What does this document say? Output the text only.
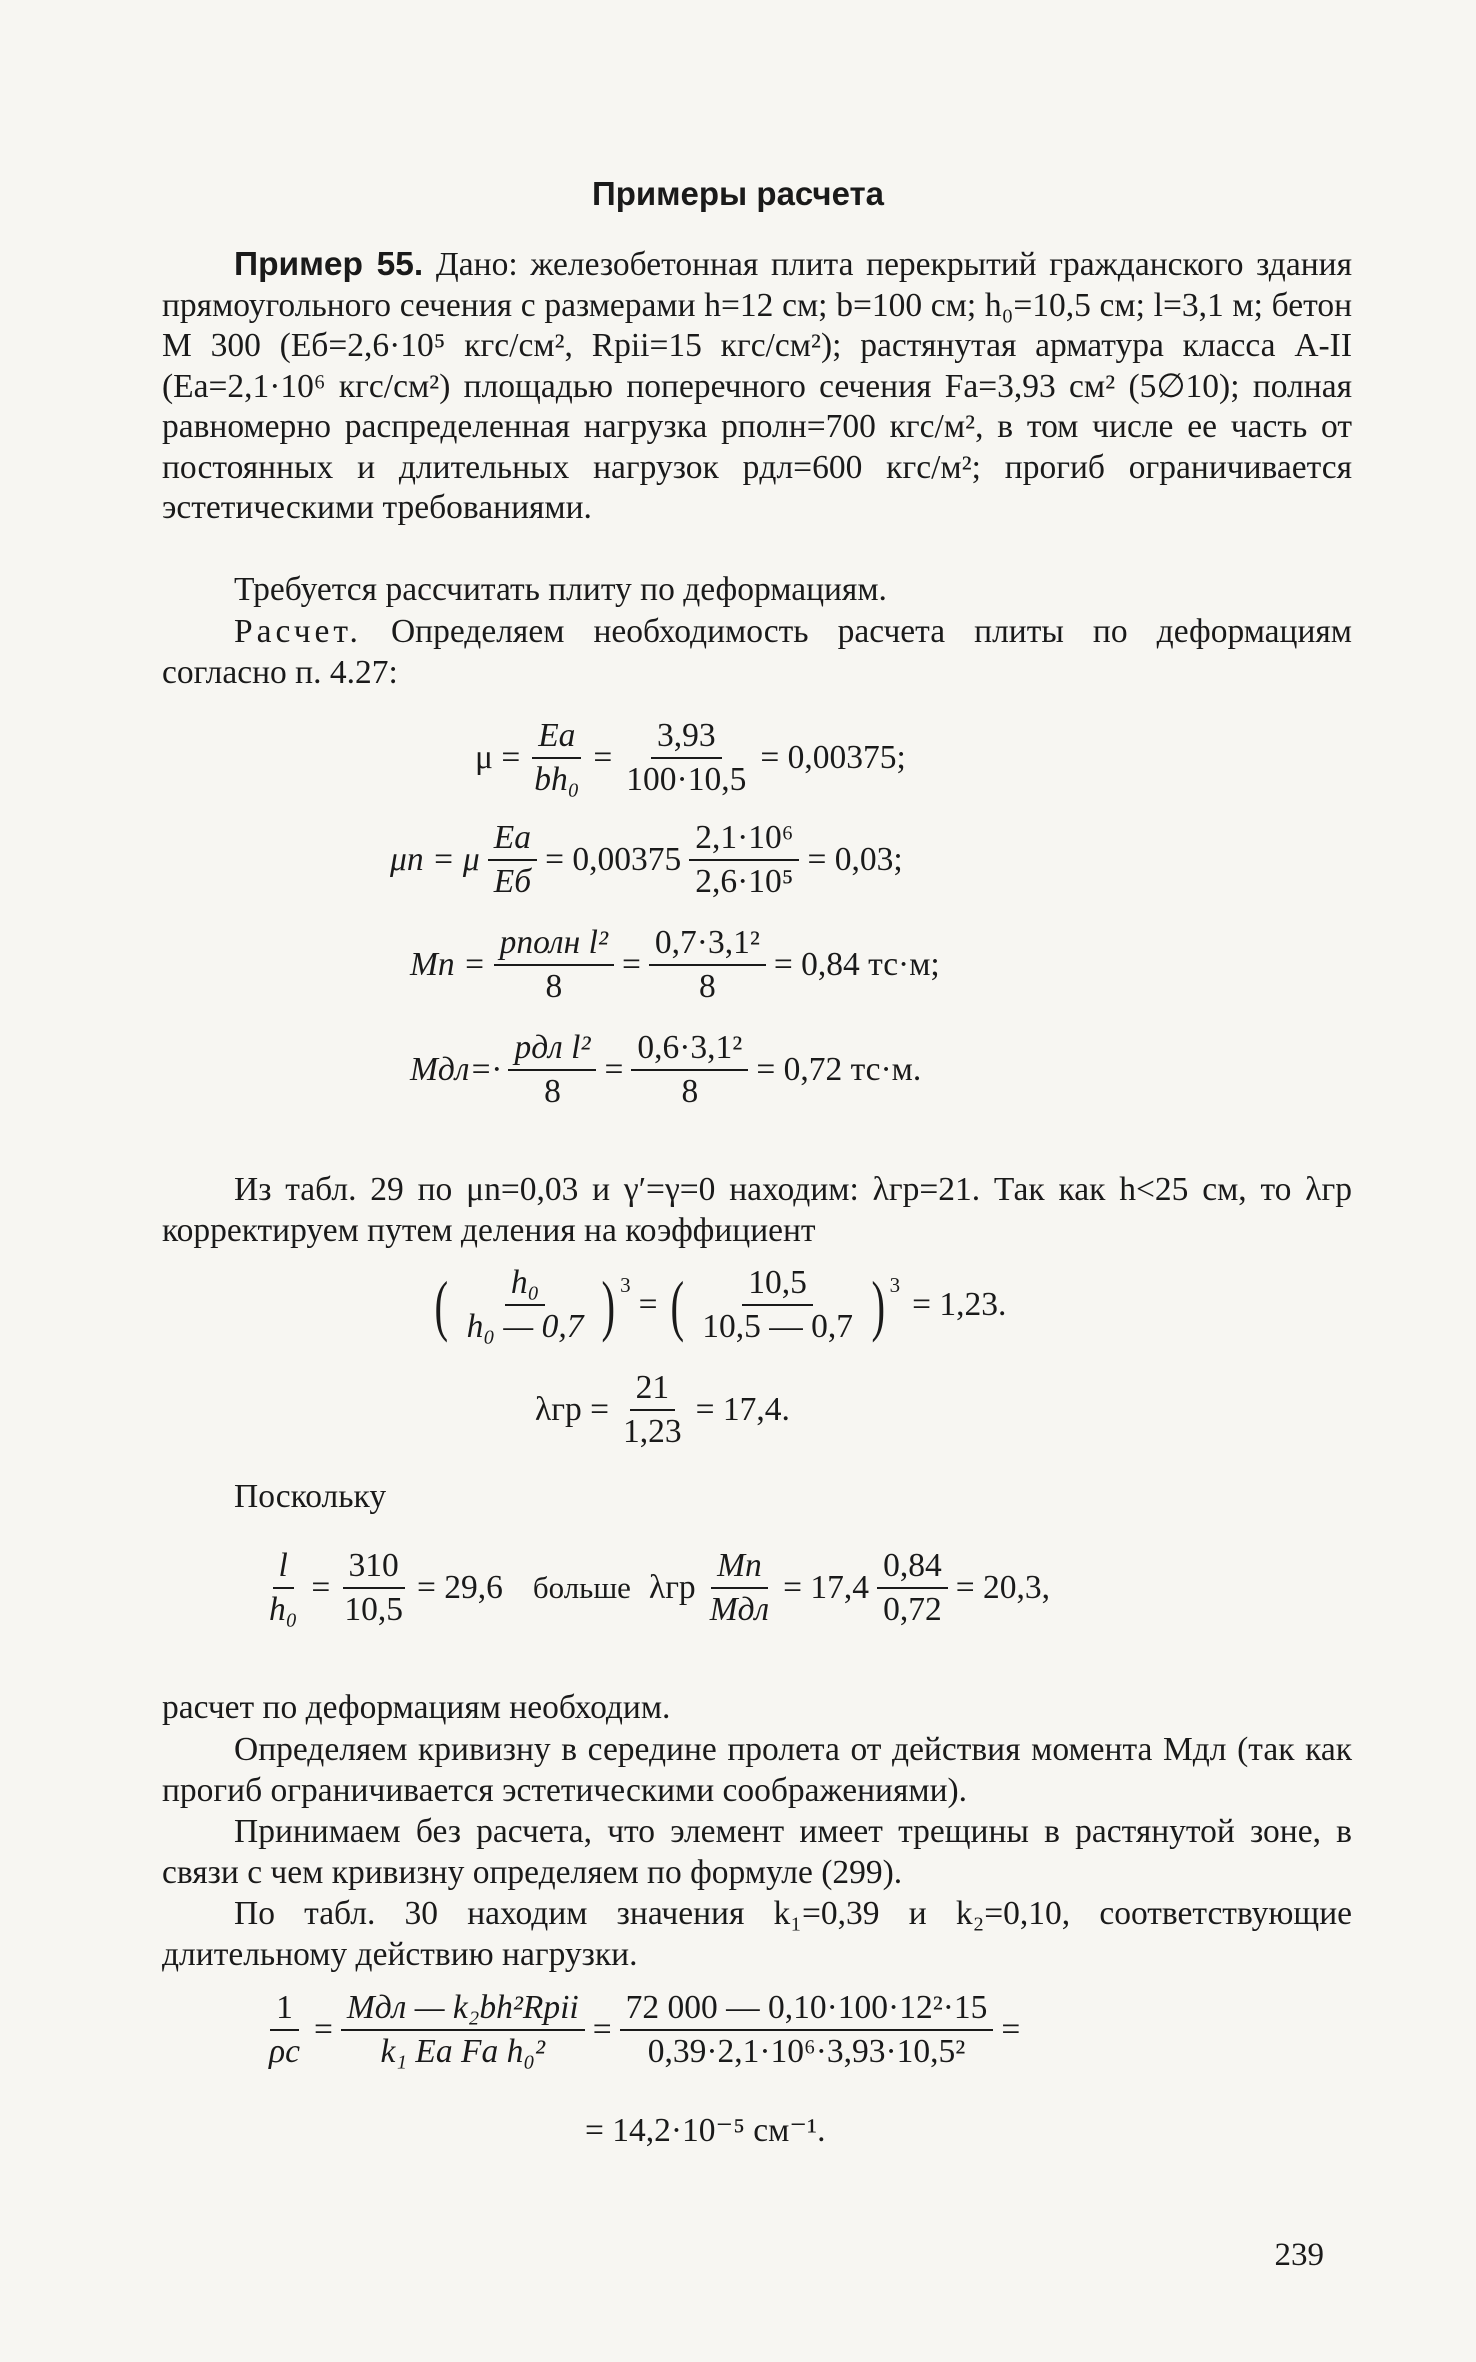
Примеры расчета
Пример 55. Дано: железобетонная плита перекрытий гражданского здания прямоугольного сечения с размерами h=12 см; b=100 см; h₀=10,5 см; l=3,1 м; бетон М 300 (Eб=2,6·10⁵ кгс/см², Rpii=15 кгс/см²); растянутая арматура класса А-II (Ea=2,1·10⁶ кгс/см²) площадью поперечного сечения Fa=3,93 см² (5∅10); полная равномерно распределенная нагрузка pполн=700 кгс/м², в том числе ее часть от постоянных и длительных нагрузок pдл=600 кгс/м²; прогиб ограничивается эстетическими требованиями.
Требуется рассчитать плиту по деформациям.
Расчет. Определяем необходимость расчета плиты по деформациям согласно п. 4.27:
$\mu = \frac{Ea}{\text{bh₀}} = \frac{3,93}{100\cdot 10,5} = 0,00375$;
μn = μ $\frac{Ea}{Eб} = 0,00375 \frac{\text{2,1·10⁶}}{\text{2,6·10⁵}} = 0,03$;
Mп = $\frac{\text{pполн l²}}{8} = \frac{\text{0,7·3,1²}}{8} = 0,84$ тс·м;
$Mдл=\cdot \frac{\text{pдл l²}}{8} = \frac{\text{0,6·3,1²}}{8} = 0,72$ тс·м.
Из табл. 29 по μn=0,03 и γ′=γ=0 находим: λгр=21. Так как h<25 см, то λгр корректируем путем деления на коэффициент
( $\frac{\text{h₀}}{\text{h₀ — 0,7}} )^3$
= ( $\frac{10,5}{10,5 — 0,7} )^3$
= 1,23.
$\lambda гр = \frac{21}{1,23} = 17,4$.
Поскольку
$\frac{l}{\text{h₀}} = \frac{310}{10,5} = 29,6$ больше λгр $\frac{Mп}{\text{Mдл}} = 17,4 \frac{0,84}{0,72} = 20,3$,
расчет по деформациям необходим.
Определяем кривизну в середине пролета от действия момента Mдл (так как прогиб ограничивается эстетическими соображениями).
Принимаем без расчета, что элемент имеет трещины в растянутой зоне, в связи с чем кривизну определяем по формуле (299).
По табл. 30 находим значения k₁=0,39 и k₂=0,10, соответствующие длительному действию нагрузки.
$\frac{1}{\rho c} = \frac{\text{Mдл — k₂bh²Rpii}}{\text{k₁ Ea Fa h₀²}} = \frac{\text{72 000 — 0,10·100·12²·15}}{\text{0,39·2,1·10⁶·3,93·10,5²}}$ =
= 14,2·10⁻⁵ см⁻¹.
239
